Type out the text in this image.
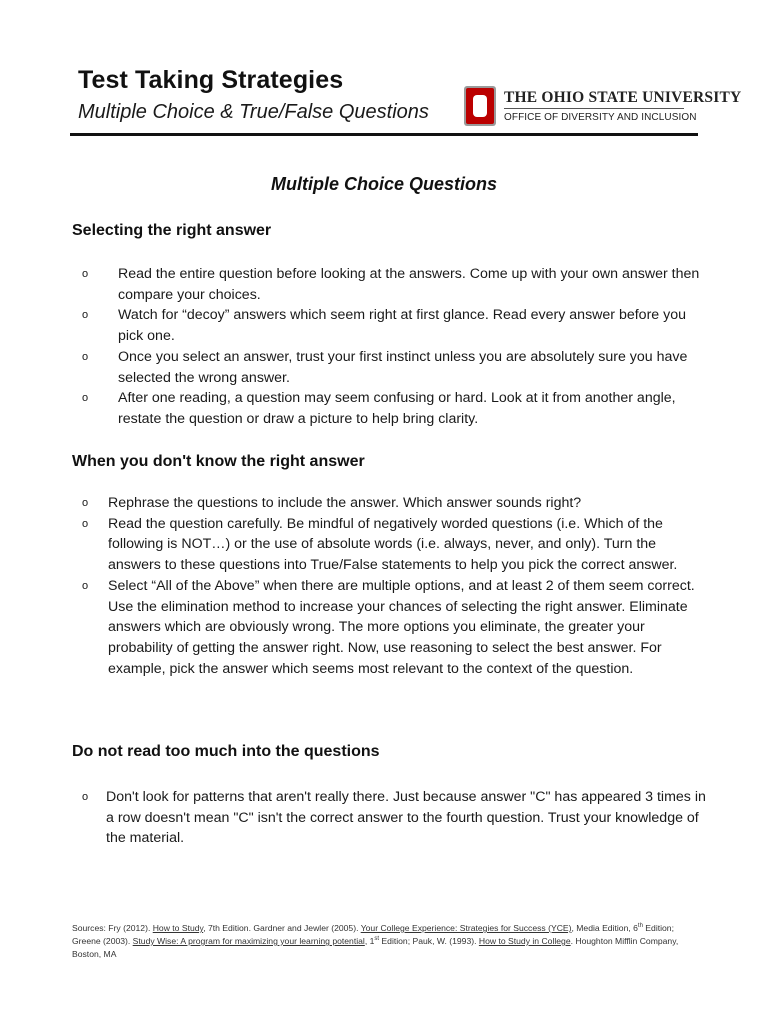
Test Taking Strategies
Multiple Choice & True/False Questions
THE OHIO STATE UNIVERSITY
OFFICE OF DIVERSITY AND INCLUSION
Multiple Choice Questions
Selecting the right answer
o Read the entire question before looking at the answers. Come up with your own answer then compare your choices.
o Watch for “decoy” answers which seem right at first glance. Read every answer before you pick one.
o Once you select an answer, trust your first instinct unless you are absolutely sure you have selected the wrong answer.
o After one reading, a question may seem confusing or hard. Look at it from another angle, restate the question or draw a picture to help bring clarity.
When you don't know the right answer
o Rephrase the questions to include the answer. Which answer sounds right?
o Read the question carefully. Be mindful of negatively worded questions (i.e. Which of the following is NOT…) or the use of absolute words (i.e. always, never, and only). Turn the answers to these questions into True/False statements to help you pick the correct answer.
o Select “All of the Above” when there are multiple options, and at least 2 of them seem correct. Use the elimination method to increase your chances of selecting the right answer. Eliminate answers which are obviously wrong. The more options you eliminate, the greater your probability of getting the answer right. Now, use reasoning to select the best answer. For example, pick the answer which seems most relevant to the context of the question.
Do not read too much into the questions
o Don't look for patterns that aren't really there. Just because answer "C" has appeared 3 times in a row doesn't mean "C" isn't the correct answer to the fourth question. Trust your knowledge of the material.
Sources: Fry (2012). How to Study, 7th Edition. Gardner and Jewler (2005). Your College Experience: Strategies for Success (YCE), Media Edition, 6th Edition; Greene (2003). Study Wise: A program for maximizing your learning potential, 1st Edition; Pauk, W. (1993). How to Study in College. Houghton Mifflin Company, Boston, MA
